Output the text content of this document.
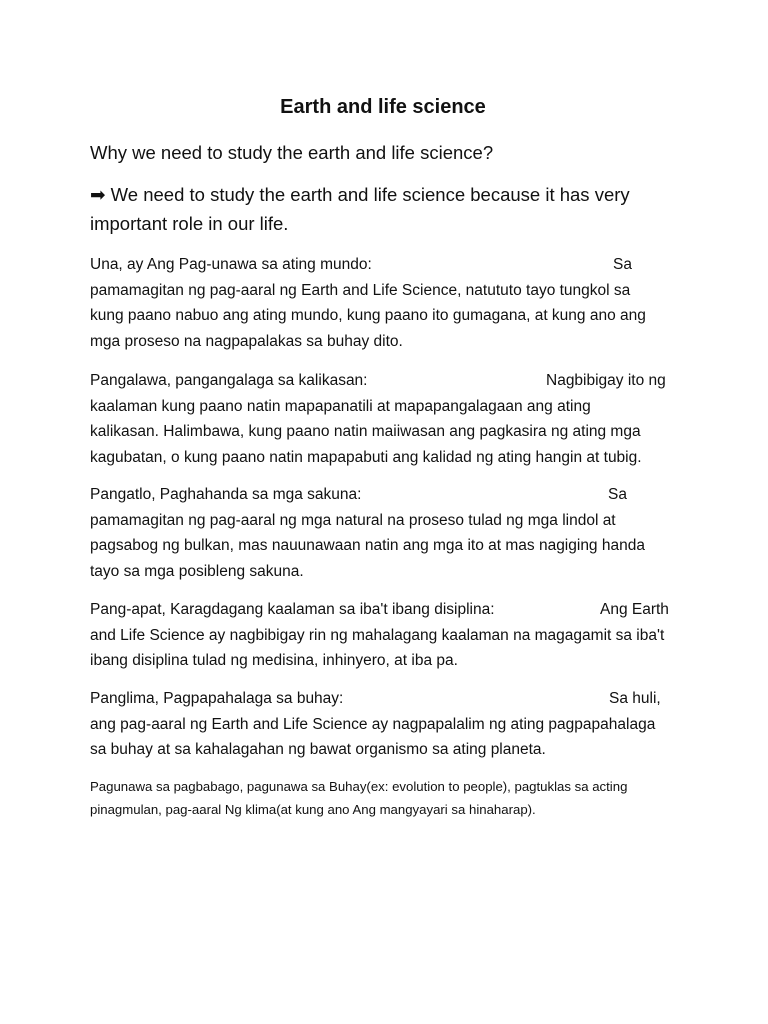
Earth and life science
Why we need to study the earth and life science?
➡ We need to study the earth and life science because it has very
important role in our life.
Una, ay Ang Pag-unawa sa ating mundo:	Sa
pamamagitan ng pag-aaral ng Earth and Life Science, natututo tayo tungkol sa
kung paano nabuo ang ating mundo, kung paano ito gumagana, at kung ano ang
mga proseso na nagpapalakas sa buhay dito.
Pangalawa, pangangalaga sa kalikasan:	Nagbibigay ito ng
kaalaman kung paano natin mapapanatili at mapapangalagaan ang ating
kalikasan. Halimbawa, kung paano natin maiiwasan ang pagkasira ng ating mga
kagubatan, o kung paano natin mapapabuti ang kalidad ng ating hangin at tubig.
Pangatlo, Paghahanda sa mga sakuna:	Sa
pamamagitan ng pag-aaral ng mga natural na proseso tulad ng mga lindol at
pagsabog ng bulkan, mas nauunawaan natin ang mga ito at mas nagiging handa
tayo sa mga posibleng sakuna.
Pang-apat, Karagdagang kaalaman sa iba't ibang disiplina:	Ang Earth
and Life Science ay nagbibigay rin ng mahalagang kaalaman na magagamit sa iba't
ibang disiplina tulad ng medisina, inhinyero, at iba pa.
Panglima, Pagpapahalaga sa buhay:	Sa huli,
ang pag-aaral ng Earth and Life Science ay nagpapalalim ng ating pagpapahalaga
sa buhay at sa kahalagahan ng bawat organismo sa ating planeta.
Pagunawa sa pagbabago, pagunawa sa Buhay(ex: evolution to people), pagtuklas sa acting
pinagmulan, pag-aaral Ng klima(at kung ano Ang mangyayari sa hinaharap).
